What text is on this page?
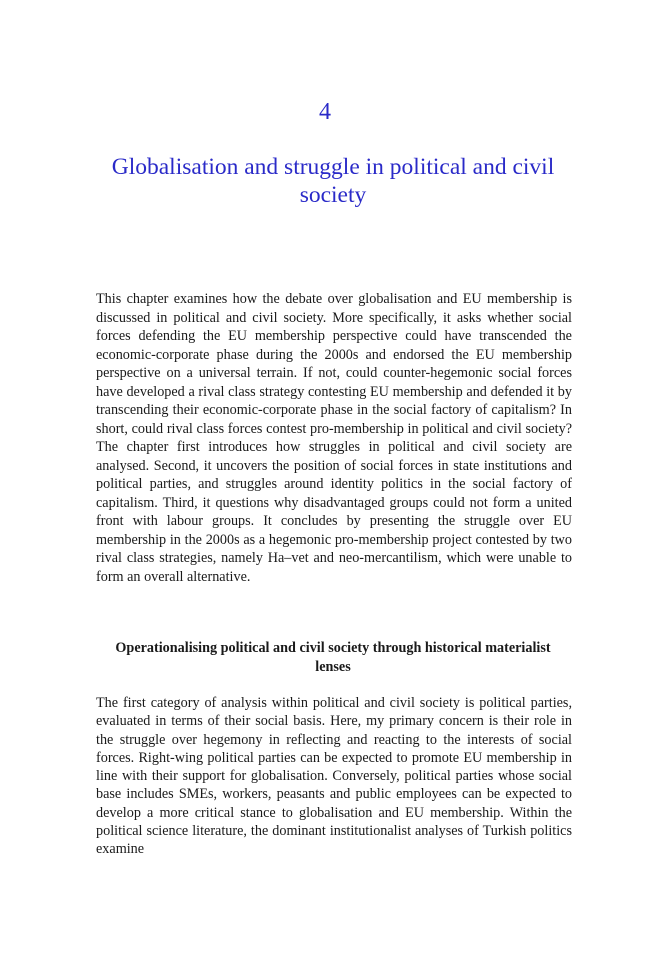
4
Globalisation and struggle in political and civil society

This chapter examines how the debate over globalisation and EU membership is discussed in political and civil society. More specifically, it asks whether social forces defending the EU membership perspective could have transcended the economic-corporate phase during the 2000s and endorsed the EU membership perspective on a universal terrain. If not, could counter-hegemonic social forces have developed a rival class strategy contesting EU membership and defended it by transcending their economic-corporate phase in the social factory of capitalism? In short, could rival class forces contest pro-membership in political and civil society? The chapter first introduces how struggles in political and civil society are analysed. Second, it uncovers the position of social forces in state institutions and political parties, and struggles around identity politics in the social factory of capitalism. Third, it questions why disadvantaged groups could not form a united front with labour groups. It concludes by presenting the struggle over EU membership in the 2000s as a hegemonic pro-membership project contested by two rival class strategies, namely Ha–vet and neo-mercantilism, which were unable to form an overall alternative.

Operationalising political and civil society through historical materialist lenses

The first category of analysis within political and civil society is political parties, evaluated in terms of their social basis. Here, my primary concern is their role in the struggle over hegemony in reflecting and reacting to the interests of social forces. Right-wing political parties can be expected to promote EU membership in line with their support for globalisation. Conversely, political parties whose social base includes SMEs, workers, peasants and public employees can be expected to develop a more critical stance to globalisation and EU membership. Within the political science literature, the dominant institutionalist analyses of Turkish politics examine
